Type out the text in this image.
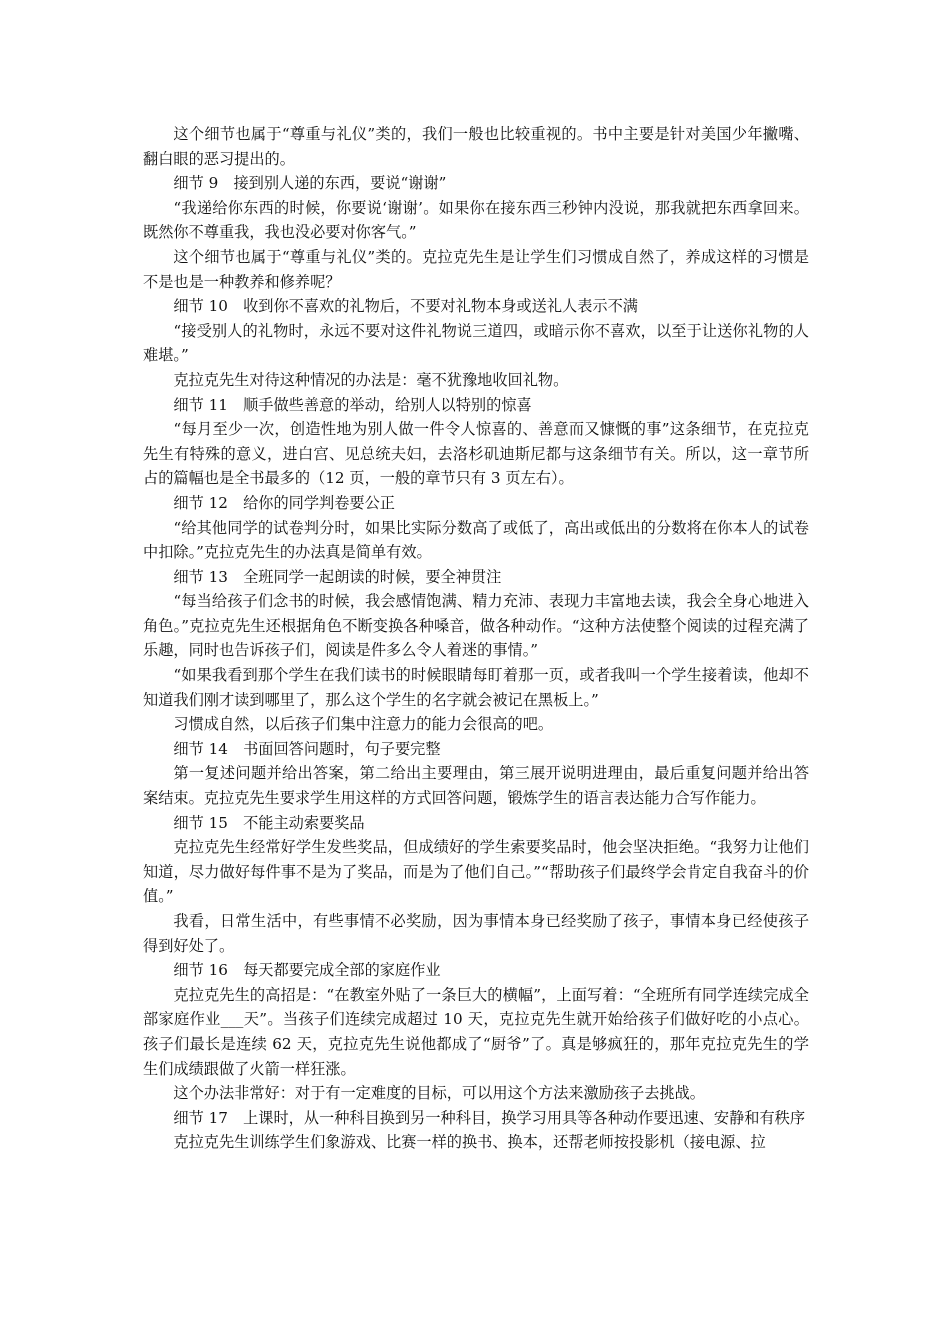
这个细节也属于“尊重与礼仪”类的，我们一般也比较重视的。书中主要是针对美国少年撇嘴、翻白眼的恶习提出的。

细节 9　接到别人递的东西，要说“谢谢”

“我递给你东西的时候，你要说‘谢谢’。如果你在接东西三秒钟内没说，那我就把东西拿回来。既然你不尊重我，我也没必要对你客气。”

这个细节也属于“尊重与礼仪”类的。克拉克先生是让学生们习惯成自然了，养成这样的习惯是不是也是一种教养和修养呢？

细节 10　收到你不喜欢的礼物后，不要对礼物本身或送礼人表示不满

“接受别人的礼物时，永远不要对这件礼物说三道四，或暗示你不喜欢，以至于让送你礼物的人难堪。”

克拉克先生对待这种情况的办法是：毫不犹豫地收回礼物。

细节 11　顺手做些善意的举动，给别人以特别的惊喜

“每月至少一次，创造性地为别人做一件令人惊喜的、善意而又慷慨的事”这条细节，在克拉克先生有特殊的意义，进白宫、见总统夫妇，去洛杉矶迪斯尼都与这条细节有关。所以，这一章节所占的篇幅也是全书最多的（12 页，一般的章节只有 3 页左右）。

细节 12　给你的同学判卷要公正

“给其他同学的试卷判分时，如果比实际分数高了或低了，高出或低出的分数将在你本人的试卷中扣除。”克拉克先生的办法真是简单有效。

细节 13　全班同学一起朗读的时候，要全神贯注

“每当给孩子们念书的时候，我会感情饱满、精力充沛、表现力丰富地去读，我会全身心地进入角色。”克拉克先生还根据角色不断变换各种嗓音，做各种动作。“这种方法使整个阅读的过程充满了乐趣，同时也告诉孩子们，阅读是件多么令人着迷的事情。”

“如果我看到那个学生在我们读书的时候眼睛每盯着那一页，或者我叫一个学生接着读，他却不知道我们刚才读到哪里了，那么这个学生的名字就会被记在黑板上。”

习惯成自然，以后孩子们集中注意力的能力会很高的吧。

细节 14　书面回答问题时，句子要完整

第一复述问题并给出答案，第二给出主要理由，第三展开说明进理由，最后重复问题并给出答案结束。克拉克先生要求学生用这样的方式回答问题，锻炼学生的语言表达能力合写作能力。

细节 15　不能主动索要奖品

克拉克先生经常好学生发些奖品，但成绩好的学生索要奖品时，他会坚决拒绝。“我努力让他们知道，尽力做好每件事不是为了奖品，而是为了他们自己。”“帮助孩子们最终学会肯定自我奋斗的价值。”

我看，日常生活中，有些事情不必奖励，因为事情本身已经奖励了孩子，事情本身已经使孩子得到好处了。

细节 16　每天都要完成全部的家庭作业

克拉克先生的高招是：“在教室外贴了一条巨大的横幅”，上面写着：“全班所有同学连续完成全部家庭作业___天”。当孩子们连续完成超过 10 天，克拉克先生就开始给孩子们做好吃的小点心。孩子们最长是连续 62 天，克拉克先生说他都成了“厨爷”了。真是够疯狂的，那年克拉克先生的学生们成绩跟做了火箭一样狂涨。

这个办法非常好：对于有一定难度的目标，可以用这个方法来激励孩子去挑战。

细节 17　上课时，从一种科目换到另一种科目，换学习用具等各种动作要迅速、安静和有秩序

克拉克先生训练学生们象游戏、比赛一样的换书、换本，还帮老师按投影机（接电源、拉
